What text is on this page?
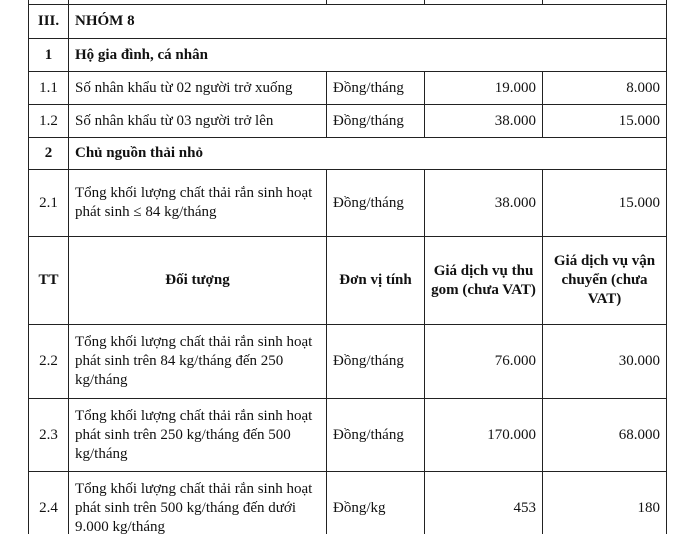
III.	NHÓM 8			
1	Hộ gia đình, cá nhân			
1.1	Số nhân khẩu từ 02 người trở xuống	Đồng/tháng	19.000	8.000
1.2	Số nhân khẩu từ 03 người trở lên	Đồng/tháng	38.000	15.000
2	Chủ nguồn thải nhỏ			
2.1	Tổng khối lượng chất thải rắn sinh hoạt phát sinh ≤ 84 kg/tháng	Đồng/tháng	38.000	15.000
TT	Đối tượng	Đơn vị tính	Giá dịch vụ thu gom (chưa VAT)	Giá dịch vụ vận chuyển (chưa VAT)
2.2	Tổng khối lượng chất thải rắn sinh hoạt phát sinh trên 84 kg/tháng đến 250 kg/tháng	Đồng/tháng	76.000	30.000
2.3	Tổng khối lượng chất thải rắn sinh hoạt phát sinh trên 250 kg/tháng đến 500 kg/tháng	Đồng/tháng	170.000	68.000
2.4	Tổng khối lượng chất thải rắn sinh hoạt phát sinh trên 500 kg/tháng đến dưới 9.000 kg/tháng	Đồng/kg	453	180
